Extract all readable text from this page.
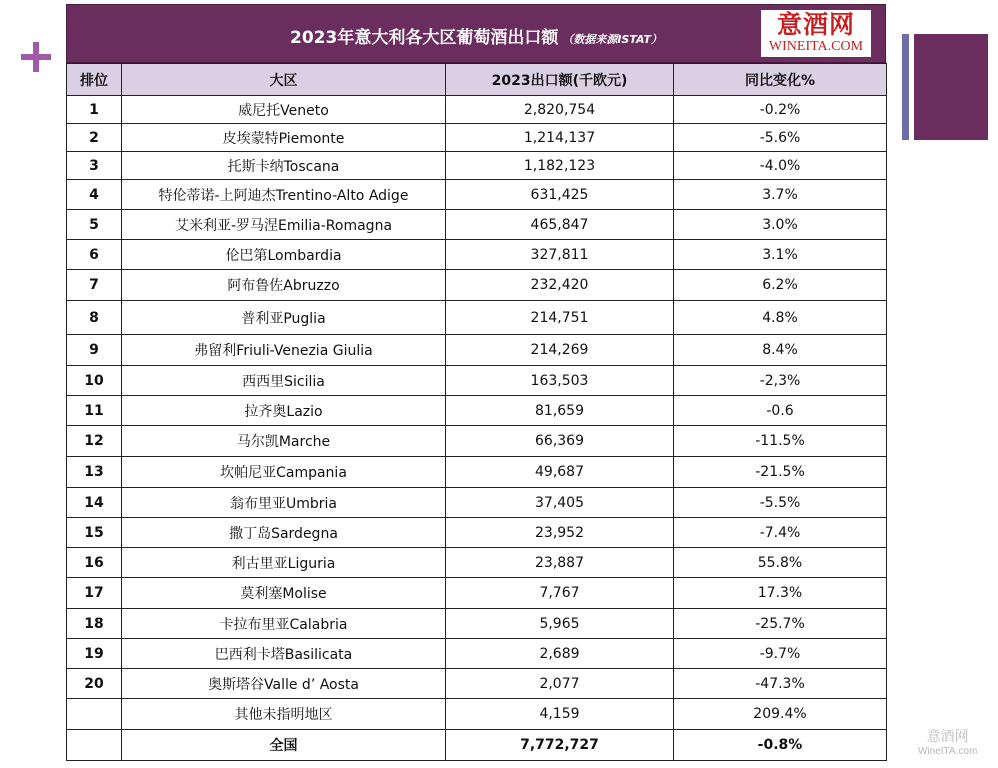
2023年意大利各大区葡萄酒出口额 （数据来源ISTAT）
意酒网
WINEITA.COM
排位	大区	2023出口额(千欧元)	同比变化%
1	威尼托Veneto	2,820,754	-0.2%
2	皮埃蒙特Piemonte	1,214,137	-5.6%
3	托斯卡纳Toscana	1,182,123	-4.0%
4	特伦蒂诺-上阿迪杰Trentino-Alto Adige	631,425	3.7%
5	艾米利亚-罗马涅Emilia-Romagna	465,847	3.0%
6	伦巴第Lombardia	327,811	3.1%
7	阿布鲁佐Abruzzo	232,420	6.2%
8	普利亚Puglia	214,751	4.8%
9	弗留利Friuli-Venezia Giulia	214,269	8.4%
10	西西里Sicilia	163,503	-2,3%
11	拉齐奥Lazio	81,659	-0.6
12	马尔凯Marche	66,369	-11.5%
13	坎帕尼亚Campania	49,687	-21.5%
14	翁布里亚Umbria	37,405	-5.5%
15	撒丁岛Sardegna	23,952	-7.4%
16	利古里亚Liguria	23,887	55.8%
17	莫利塞Molise	7,767	17.3%
18	卡拉布里亚Calabria	5,965	-25.7%
19	巴西利卡塔Basilicata	2,689	-9.7%
20	奥斯塔谷Valle d’ Aosta	2,077	-47.3%
	其他未指明地区	4,159	209.4%
	全国	7,772,727	-0.8%	意酒网
WineITA.com
